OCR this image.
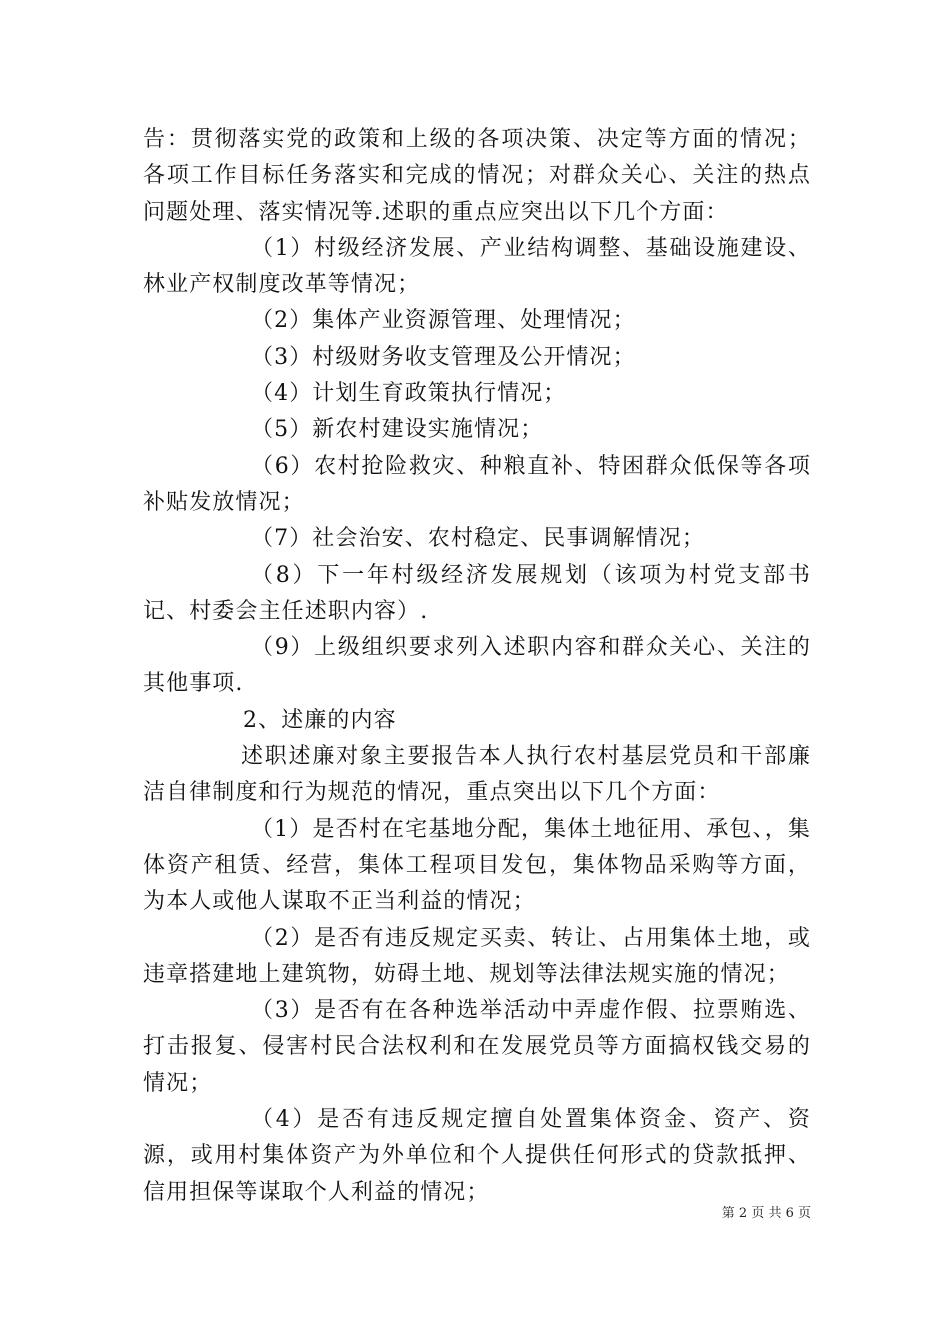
告：贯彻落实党的政策和上级的各项决策、决定等方面的情况；各项工作目标任务落实和完成的情况；对群众关心、关注的热点问题处理、落实情况等.述职的重点应突出以下几个方面：

（1）村级经济发展、产业结构调整、基础设施建设、林业产权制度改革等情况；

（2）集体产业资源管理、处理情况；

（3）村级财务收支管理及公开情况；

（4）计划生育政策执行情况；

（5）新农村建设实施情况；

（6）农村抢险救灾、种粮直补、特困群众低保等各项补贴发放情况；

（7）社会治安、农村稳定、民事调解情况；

（8）下一年村级经济发展规划（该项为村党支部书记、村委会主任述职内容）.

（9）上级组织要求列入述职内容和群众关心、关注的其他事项.

2、述廉的内容

述职述廉对象主要报告本人执行农村基层党员和干部廉洁自律制度和行为规范的情况，重点突出以下几个方面：

（1）是否村在宅基地分配，集体土地征用、承包、，集体资产租赁、经营，集体工程项目发包，集体物品采购等方面，为本人或他人谋取不正当利益的情况；

（2）是否有违反规定买卖、转让、占用集体土地，或违章搭建地上建筑物，妨碍土地、规划等法律法规实施的情况；

（3）是否有在各种选举活动中弄虚作假、拉票贿选、打击报复、侵害村民合法权利和在发展党员等方面搞权钱交易的情况；

（4）是否有违反规定擅自处置集体资金、资产、资源，或用村集体资产为外单位和个人提供任何形式的贷款抵押、信用担保等谋取个人利益的情况；

第 2 页 共 6 页
